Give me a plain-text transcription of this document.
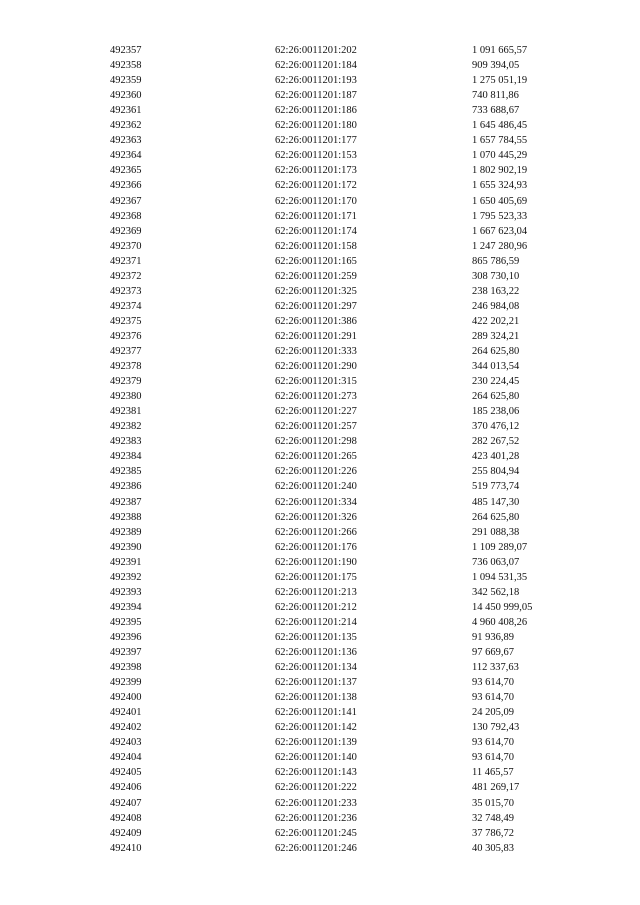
492357	62:26:0011201:202	1 091 665,57
492358	62:26:0011201:184	909 394,05
492359	62:26:0011201:193	1 275 051,19
492360	62:26:0011201:187	740 811,86
492361	62:26:0011201:186	733 688,67
492362	62:26:0011201:180	1 645 486,45
492363	62:26:0011201:177	1 657 784,55
492364	62:26:0011201:153	1 070 445,29
492365	62:26:0011201:173	1 802 902,19
492366	62:26:0011201:172	1 655 324,93
492367	62:26:0011201:170	1 650 405,69
492368	62:26:0011201:171	1 795 523,33
492369	62:26:0011201:174	1 667 623,04
492370	62:26:0011201:158	1 247 280,96
492371	62:26:0011201:165	865 786,59
492372	62:26:0011201:259	308 730,10
492373	62:26:0011201:325	238 163,22
492374	62:26:0011201:297	246 984,08
492375	62:26:0011201:386	422 202,21
492376	62:26:0011201:291	289 324,21
492377	62:26:0011201:333	264 625,80
492378	62:26:0011201:290	344 013,54
492379	62:26:0011201:315	230 224,45
492380	62:26:0011201:273	264 625,80
492381	62:26:0011201:227	185 238,06
492382	62:26:0011201:257	370 476,12
492383	62:26:0011201:298	282 267,52
492384	62:26:0011201:265	423 401,28
492385	62:26:0011201:226	255 804,94
492386	62:26:0011201:240	519 773,74
492387	62:26:0011201:334	485 147,30
492388	62:26:0011201:326	264 625,80
492389	62:26:0011201:266	291 088,38
492390	62:26:0011201:176	1 109 289,07
492391	62:26:0011201:190	736 063,07
492392	62:26:0011201:175	1 094 531,35
492393	62:26:0011201:213	342 562,18
492394	62:26:0011201:212	14 450 999,05
492395	62:26:0011201:214	4 960 408,26
492396	62:26:0011201:135	91 936,89
492397	62:26:0011201:136	97 669,67
492398	62:26:0011201:134	112 337,63
492399	62:26:0011201:137	93 614,70
492400	62:26:0011201:138	93 614,70
492401	62:26:0011201:141	24 205,09
492402	62:26:0011201:142	130 792,43
492403	62:26:0011201:139	93 614,70
492404	62:26:0011201:140	93 614,70
492405	62:26:0011201:143	11 465,57
492406	62:26:0011201:222	481 269,17
492407	62:26:0011201:233	35 015,70
492408	62:26:0011201:236	32 748,49
492409	62:26:0011201:245	37 786,72
492410	62:26:0011201:246	40 305,83
